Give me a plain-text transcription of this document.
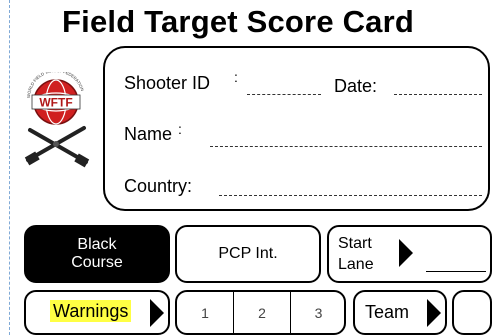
Field Target Score Card
WFTF
WORLD FIELD T EDERATION Shooter ID :	Date:
Name :
Country:
Black
Course
PCP Int.
Start
Lane
Warnings	1	2	3	Team
